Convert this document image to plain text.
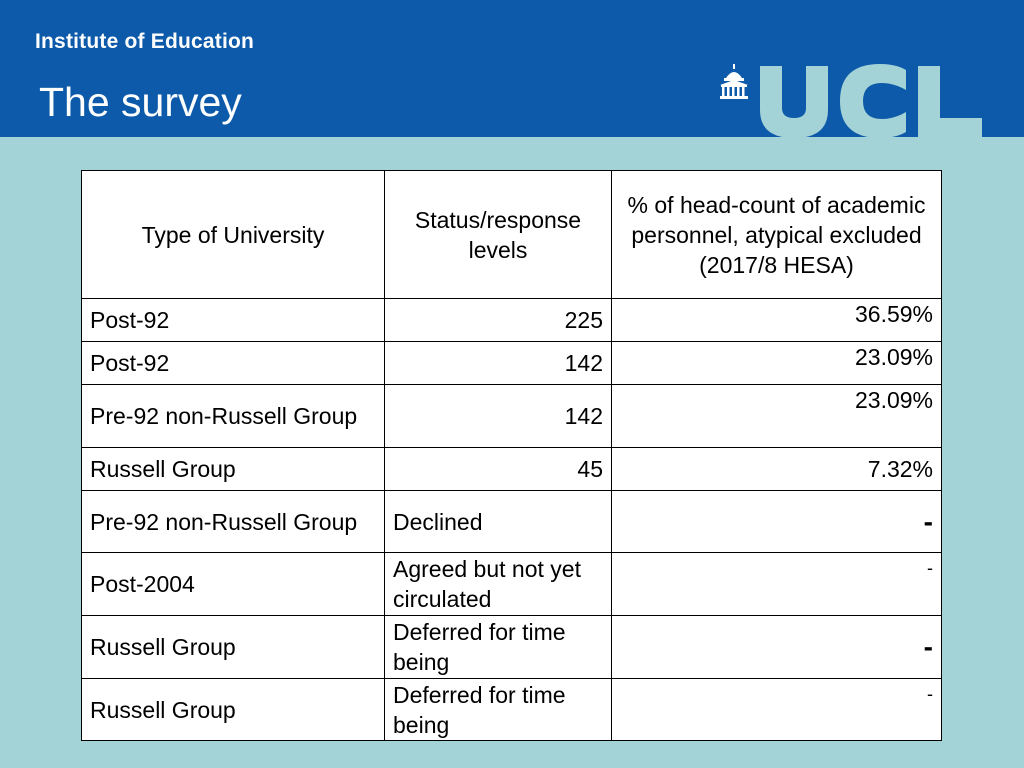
Institute of Education
The survey
Type of University	Status/response levels	% of head-count of academic personnel, atypical excluded (2017/8 HESA)
Post-92	225	36.59%
Post-92	142	23.09%
Pre-92 non-Russell Group	142	23.09%
Russell Group	45	7.32%
Pre-92 non-Russell Group	Declined	-
Post-2004	Agreed but not yet circulated	-
Russell Group	Deferred for time being	-
Russell Group	Deferred for time being	-
